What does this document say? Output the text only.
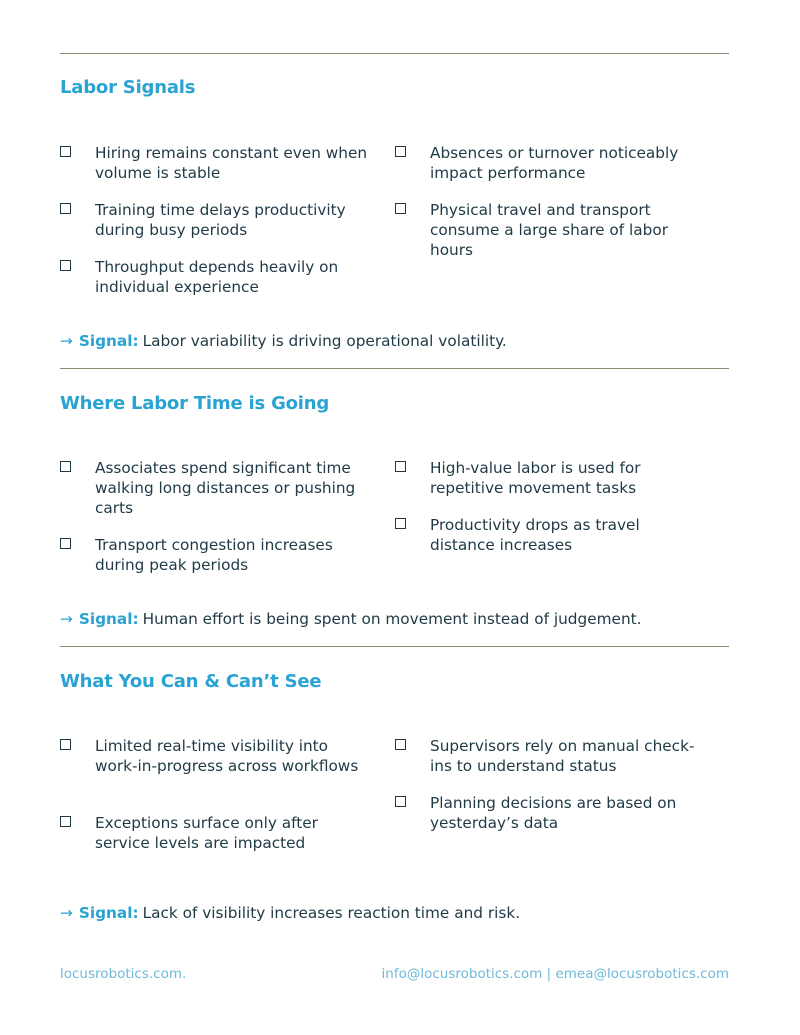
Labor Signals
Hiring remains constant even when volume is stable
Training time delays productivity during busy periods
Throughput depends heavily on individual experience
Absences or turnover noticeably impact performance
Physical travel and transport consume a large share of labor hours
→ Signal: Labor variability is driving operational volatility.
Where Labor Time is Going
Associates spend significant time walking long distances or pushing carts
Transport congestion increases during peak periods
High-value labor is used for repetitive movement tasks
Productivity drops as travel distance increases
→ Signal: Human effort is being spent on movement instead of judgement.
What You Can & Can’t See
Limited real-time visibility into work-in-progress across workflows
Exceptions surface only after service levels are impacted
Supervisors rely on manual check-ins to understand status
Planning decisions are based on yesterday’s data
→ Signal: Lack of visibility increases reaction time and risk.
locusrobotics.com.	info@locusrobotics.com | emea@locusrobotics.com
